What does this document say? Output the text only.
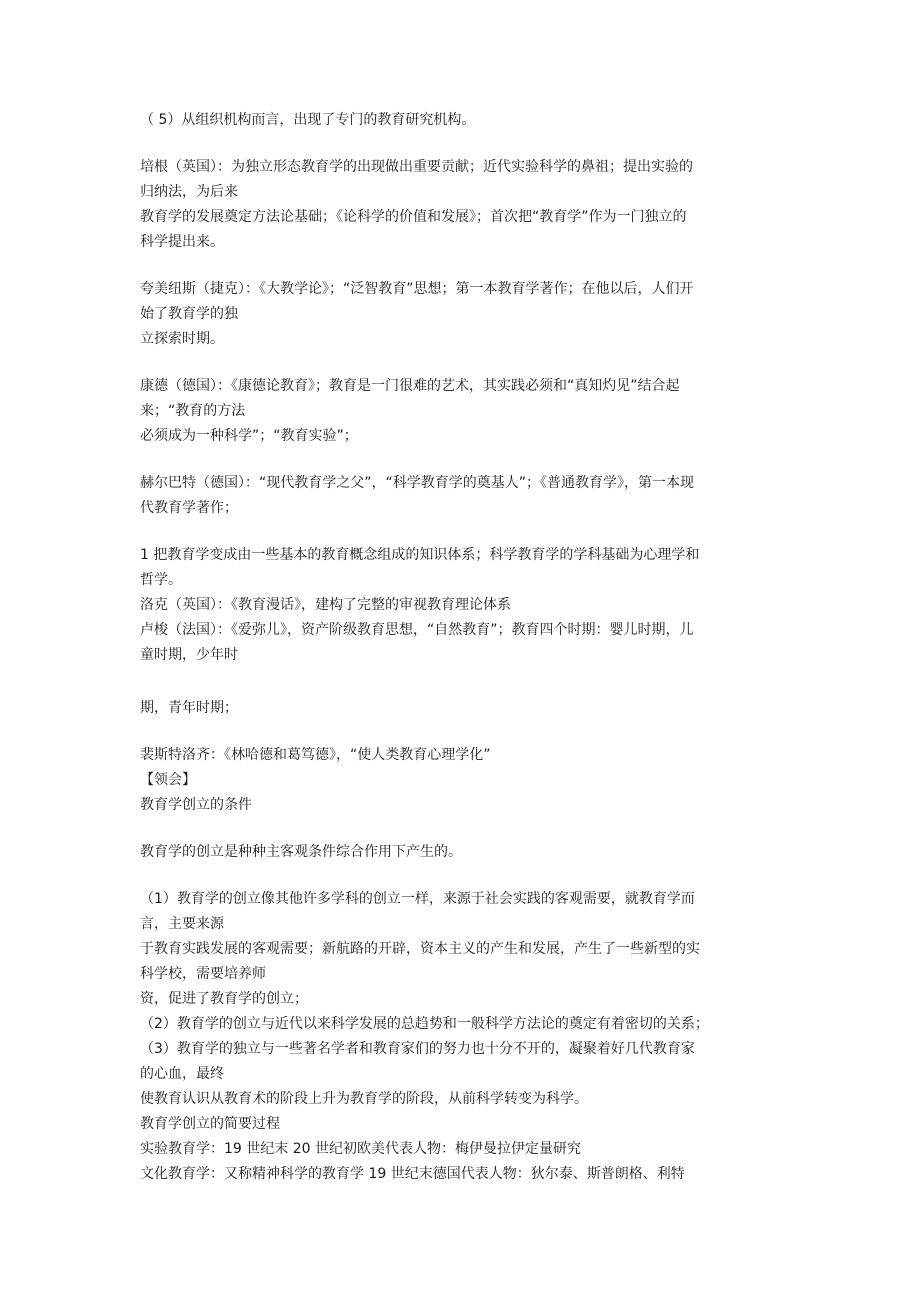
（ 5）从组织机构而言，出现了专门的教育研究机构。
培根（英国）：为独立形态教育学的出现做出重要贡献；近代实验科学的鼻祖；提出实验的
归纳法，为后来
教育学的发展奠定方法论基础；《论科学的价值和发展》；首次把“教育学”作为一门独立的
科学提出来。
夸美纽斯（捷克）：《大教学论》；“泛智教育”思想；第一本教育学著作；在他以后，人们开
始了教育学的独
立探索时期。
康德（德国）：《康德论教育》；教育是一门很难的艺术，其实践必须和“真知灼见”结合起
来；“教育的方法
必须成为一种科学”；“教育实验”；
赫尔巴特（德国）：“现代教育学之父”，“科学教育学的奠基人”；《普通教育学》，第一本现
代教育学著作；
1 把教育学变成由一些基本的教育概念组成的知识体系；科学教育学的学科基础为心理学和
哲学。
洛克（英国）：《教育漫话》，建构了完整的审视教育理论体系
卢梭（法国）：《爱弥儿》，资产阶级教育思想，“自然教育”；教育四个时期：婴儿时期，儿
童时期，少年时
期，青年时期；
裴斯特洛齐：《林哈德和葛笃德》，“使人类教育心理学化”
【领会】
教育学创立的条件
教育学的创立是种种主客观条件综合作用下产生的。
（1）教育学的创立像其他许多学科的创立一样，来源于社会实践的客观需要，就教育学而
言，主要来源
于教育实践发展的客观需要；新航路的开辟，资本主义的产生和发展，产生了一些新型的实
科学校，需要培养师
资，促进了教育学的创立；
（2）教育学的创立与近代以来科学发展的总趋势和一般科学方法论的奠定有着密切的关系；
（3）教育学的独立与一些著名学者和教育家们的努力也十分不开的，凝聚着好几代教育家
的心血，最终
使教育认识从教育术的阶段上升为教育学的阶段，从前科学转变为科学。
教育学创立的简要过程
实验教育学：19 世纪末 20 世纪初欧美代表人物：梅伊曼拉伊定量研究
文化教育学：又称精神科学的教育学 19 世纪末德国代表人物：狄尔泰、斯普朗格、利特
